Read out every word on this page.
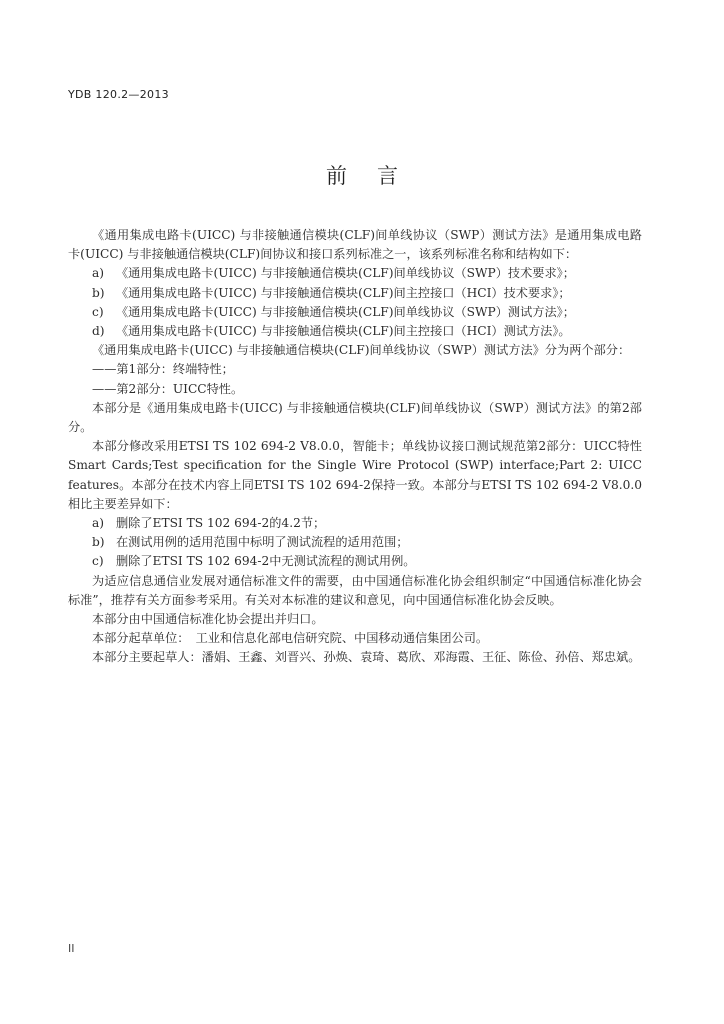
YDB 120.2—2013
前言

《通用集成电路卡(UICC) 与非接触通信模块(CLF)间单线协议（SWP）测试方法》是通用集成电路卡(UICC) 与非接触通信模块(CLF)间协议和接口系列标准之一，该系列标准名称和结构如下：

a) 《通用集成电路卡(UICC) 与非接触通信模块(CLF)间单线协议（SWP）技术要求》；
b) 《通用集成电路卡(UICC) 与非接触通信模块(CLF)间主控接口（HCI）技术要求》；
c)	《通用集成电路卡(UICC) 与非接触通信模块(CLF)间单线协议（SWP）测试方法》；
d) 《通用集成电路卡(UICC) 与非接触通信模块(CLF)间主控接口（HCI）测试方法》。

《通用集成电路卡(UICC) 与非接触通信模块(CLF)间单线协议（SWP）测试方法》分为两个部分：

——第1部分：终端特性；

——第2部分：UICC特性。

本部分是《通用集成电路卡(UICC) 与非接触通信模块(CLF)间单线协议（SWP）测试方法》的第2部分。

本部分修改采用ETSI TS 102 694-2 V8.0.0，智能卡；单线协议接口测试规范第2部分：UICC特性 Smart Cards;Test specification for the Single Wire Protocol (SWP) interface;Part 2: UICC features。本部分在技术内容上同ETSI TS 102 694-2保持一致。本部分与ETSI TS 102 694-2 V8.0.0相比主要差异如下：

a) 删除了ETSI TS 102 694-2的4.2节；
b) 在测试用例的适用范围中标明了测试流程的适用范围；
c)	删除了ETSI TS 102 694-2中无测试流程的测试用例。

为适应信息通信业发展对通信标准文件的需要，由中国通信标准化协会组织制定“中国通信标准化协会标准”，推荐有关方面参考采用。有关对本标准的建议和意见，向中国通信标准化协会反映。

本部分由中国通信标准化协会提出并归口。

本部分起草单位：　工业和信息化部电信研究院、中国移动通信集团公司。

本部分主要起草人：潘娟、王鑫、刘晋兴、孙焕、袁琦、葛欣、邓海霞、王征、陈俭、孙倍、郑忠斌。

II
